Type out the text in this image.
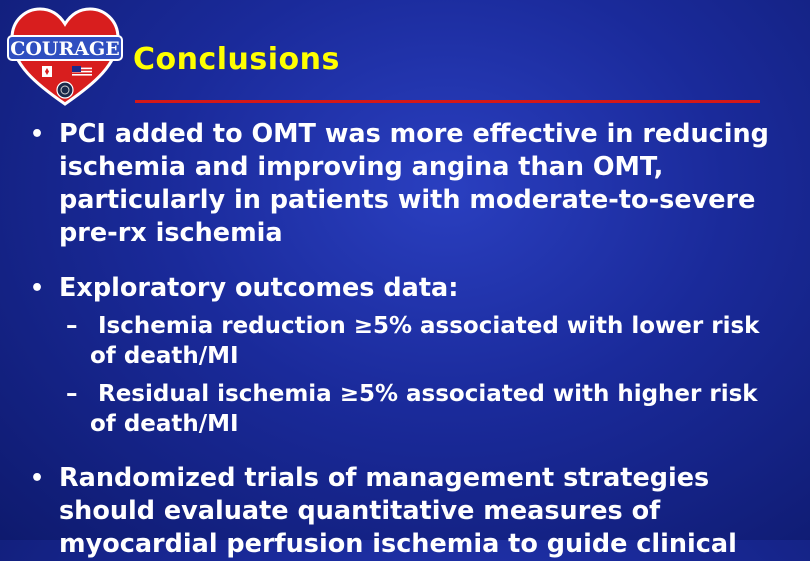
COURAGE Conclusions
• PCI added to OMT was more effective in reducing ischemia and improving angina than OMT, particularly in patients with moderate-to-severe pre-rx ischemia
• Exploratory outcomes data:
– Ischemia reduction ≥5% associated with lower risk of death/MI
– Residual ischemia ≥5% associated with higher risk of death/MI
• Randomized trials of management strategies should evaluate quantitative measures of myocardial perfusion ischemia to guide clinical
